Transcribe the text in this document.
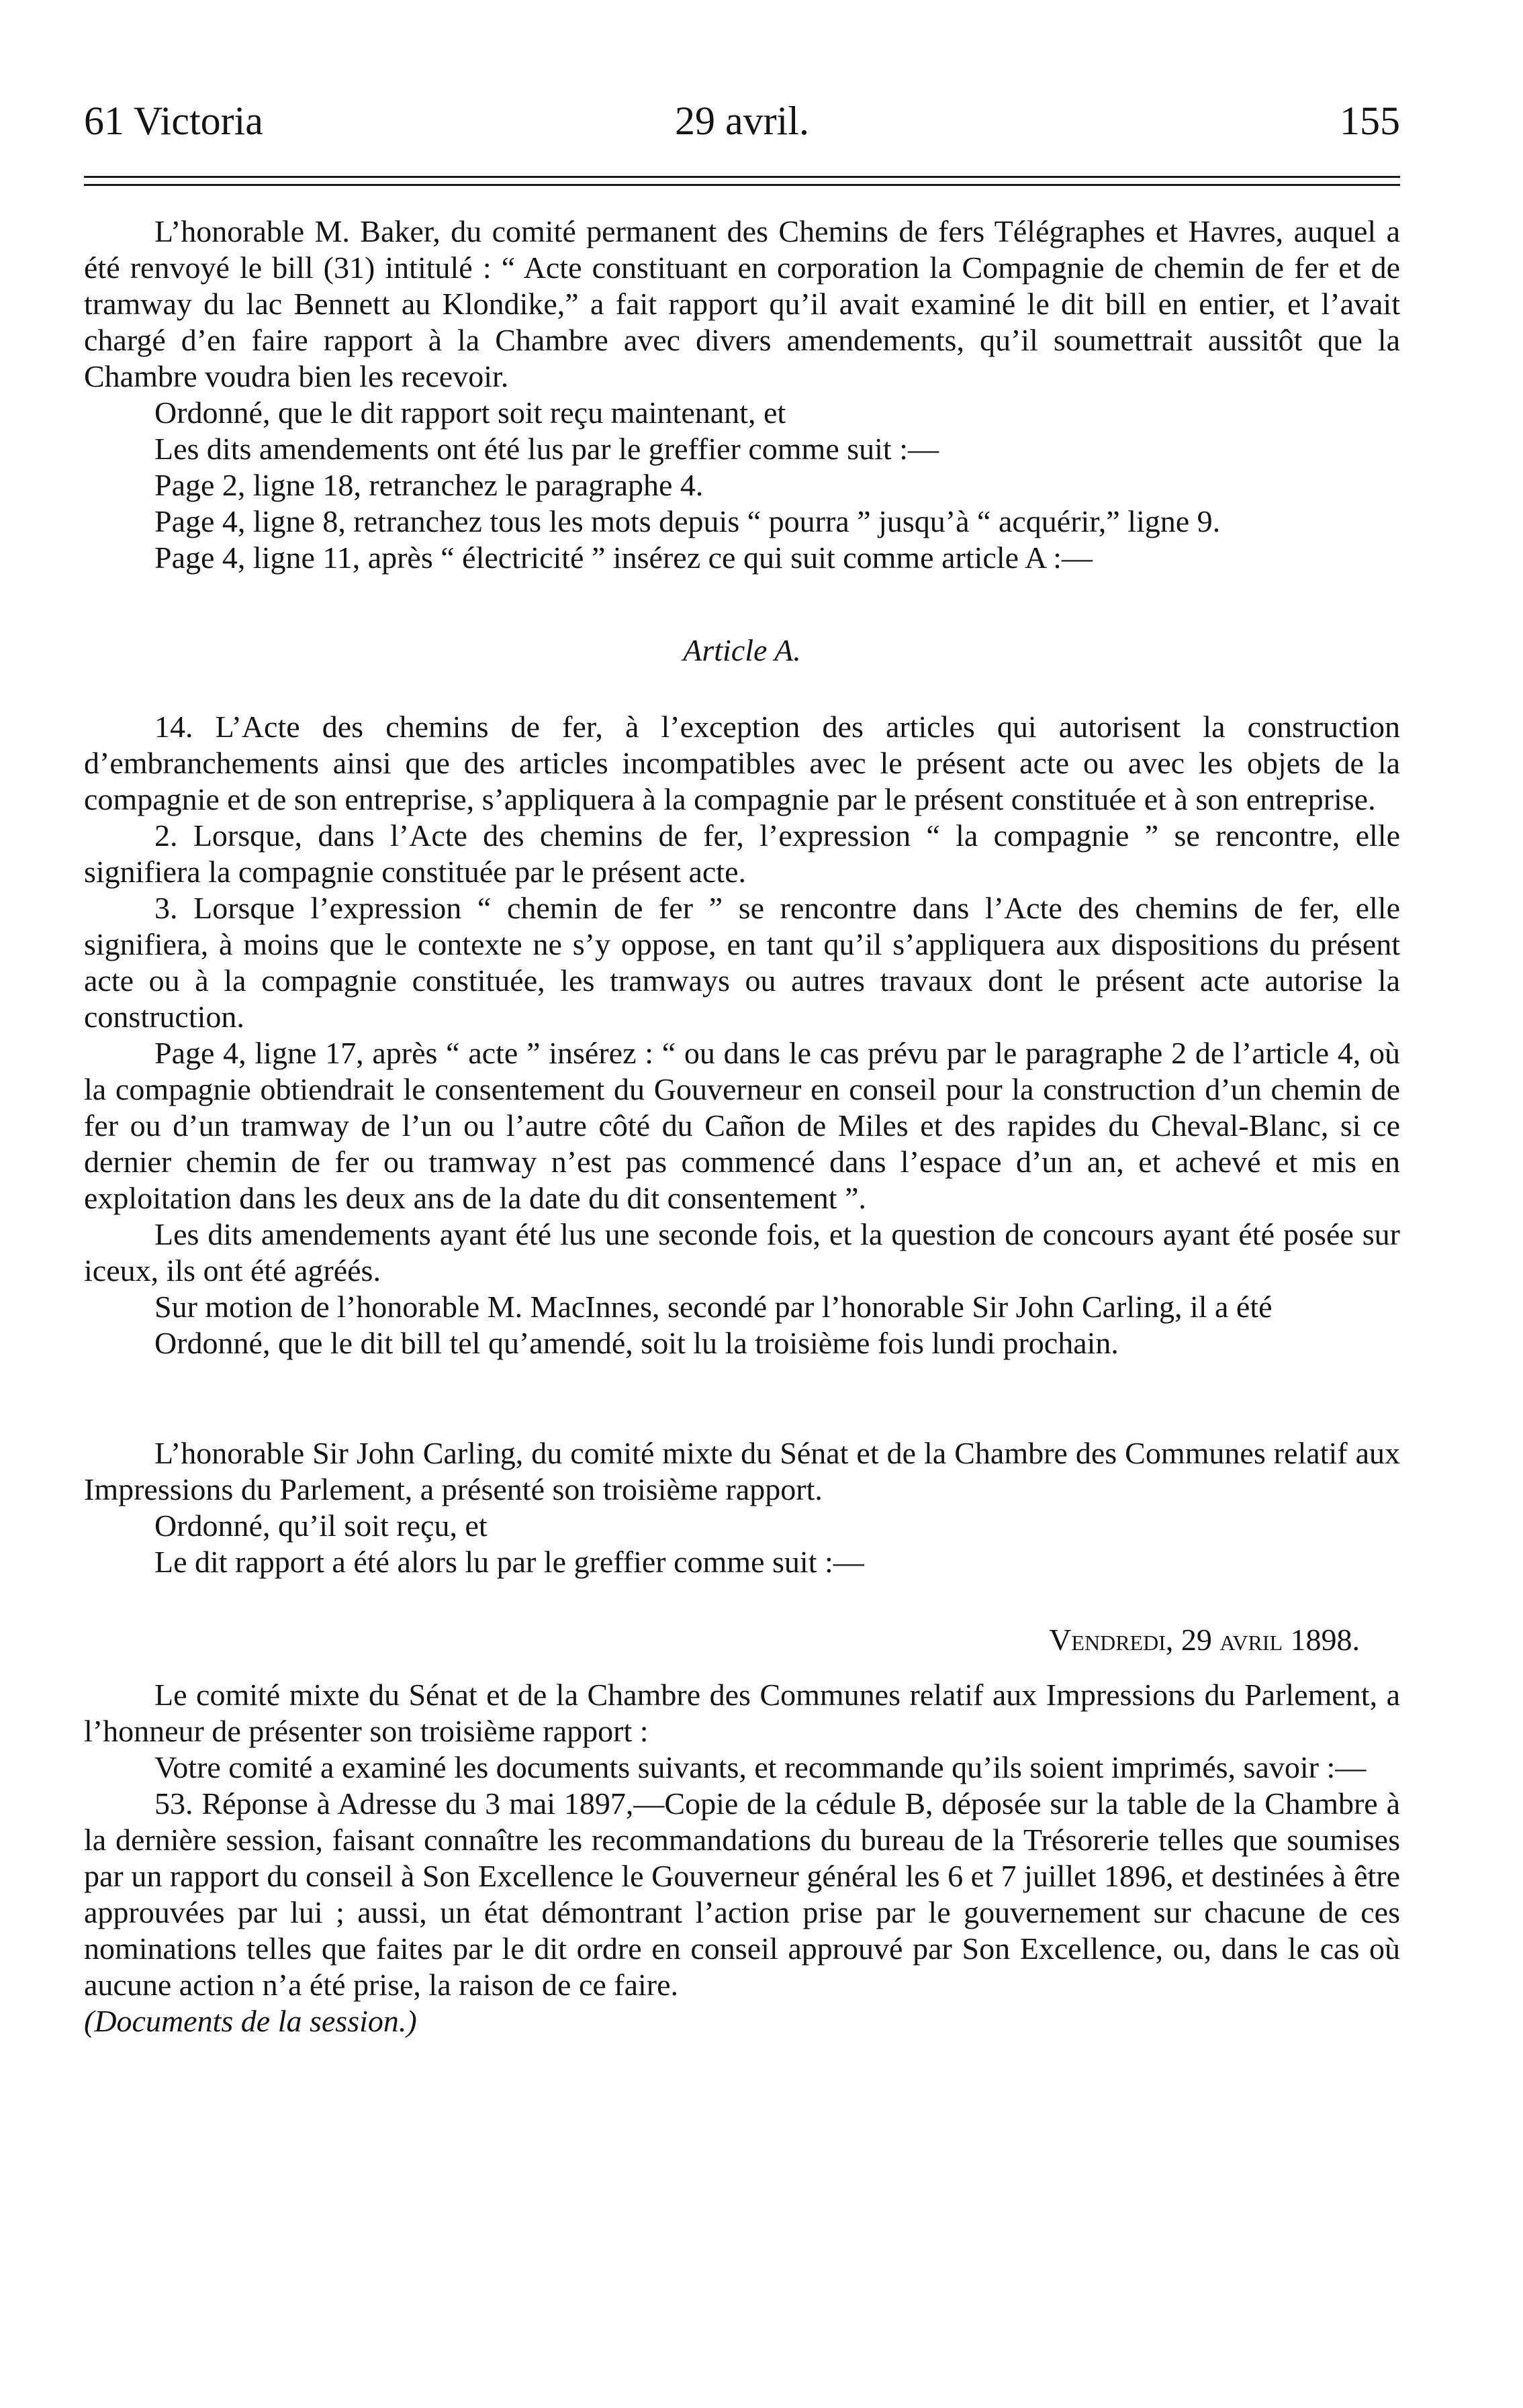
61 Victoria	29 avril.	155

L’honorable M. Baker, du comité permanent des Chemins de fers Télégraphes et Havres, auquel a été renvoyé le bill (31) intitulé : “ Acte constituant en corporation la Compagnie de chemin de fer et de tramway du lac Bennett au Klondike,” a fait rapport qu’il avait examiné le dit bill en entier, et l’avait chargé d’en faire rapport à la Chambre avec divers amendements, qu’il soumettrait aussitôt que la Chambre voudra bien les recevoir.

Ordonné, que le dit rapport soit reçu maintenant, et

Les dits amendements ont été lus par le greffier comme suit :—

Page 2, ligne 18, retranchez le paragraphe 4.

Page 4, ligne 8, retranchez tous les mots depuis “ pourra ” jusqu’à “ acquérir,” ligne 9.

Page 4, ligne 11, après “ électricité ” insérez ce qui suit comme article A :—

Article A.

14. L’Acte des chemins de fer, à l’exception des articles qui autorisent la construction d’embranchements ainsi que des articles incompatibles avec le présent acte ou avec les objets de la compagnie et de son entreprise, s’appliquera à la compagnie par le présent constituée et à son entreprise.

2. Lorsque, dans l’Acte des chemins de fer, l’expression “ la compagnie ” se rencontre, elle signifiera la compagnie constituée par le présent acte.

3. Lorsque l’expression “ chemin de fer ” se rencontre dans l’Acte des chemins de fer, elle signifiera, à moins que le contexte ne s’y oppose, en tant qu’il s’appliquera aux dispositions du présent acte ou à la compagnie constituée, les tramways ou autres travaux dont le présent acte autorise la construction.

Page 4, ligne 17, après “ acte ” insérez : “ ou dans le cas prévu par le paragraphe 2 de l’article 4, où la compagnie obtiendrait le consentement du Gouverneur en conseil pour la construction d’un chemin de fer ou d’un tramway de l’un ou l’autre côté du Cañon de Miles et des rapides du Cheval-Blanc, si ce dernier chemin de fer ou tramway n’est pas commencé dans l’espace d’un an, et achevé et mis en exploitation dans les deux ans de la date du dit consentement ”.

Les dits amendements ayant été lus une seconde fois, et la question de concours ayant été posée sur iceux, ils ont été agréés.

Sur motion de l’honorable M. MacInnes, secondé par l’honorable Sir John Carling, il a été

Ordonné, que le dit bill tel qu’amendé, soit lu la troisième fois lundi prochain.

L’honorable Sir John Carling, du comité mixte du Sénat et de la Chambre des Communes relatif aux Impressions du Parlement, a présenté son troisième rapport.

Ordonné, qu’il soit reçu, et

Le dit rapport a été alors lu par le greffier comme suit :—

Vendredi, 29 avril 1898.

Le comité mixte du Sénat et de la Chambre des Communes relatif aux Impressions du Parlement, a l’honneur de présenter son troisième rapport :

Votre comité a examiné les documents suivants, et recommande qu’ils soient imprimés, savoir :—

53. Réponse à Adresse du 3 mai 1897,—Copie de la cédule B, déposée sur la table de la Chambre à la dernière session, faisant connaître les recommandations du bureau de la Trésorerie telles que soumises par un rapport du conseil à Son Excellence le Gouverneur général les 6 et 7 juillet 1896, et destinées à être approuvées par lui ; aussi, un état démontrant l’action prise par le gouvernement sur chacune de ces nominations telles que faites par le dit ordre en conseil approuvé par Son Excellence, ou, dans le cas où aucune action n’a été prise, la raison de ce faire.

(Documents de la session.)
